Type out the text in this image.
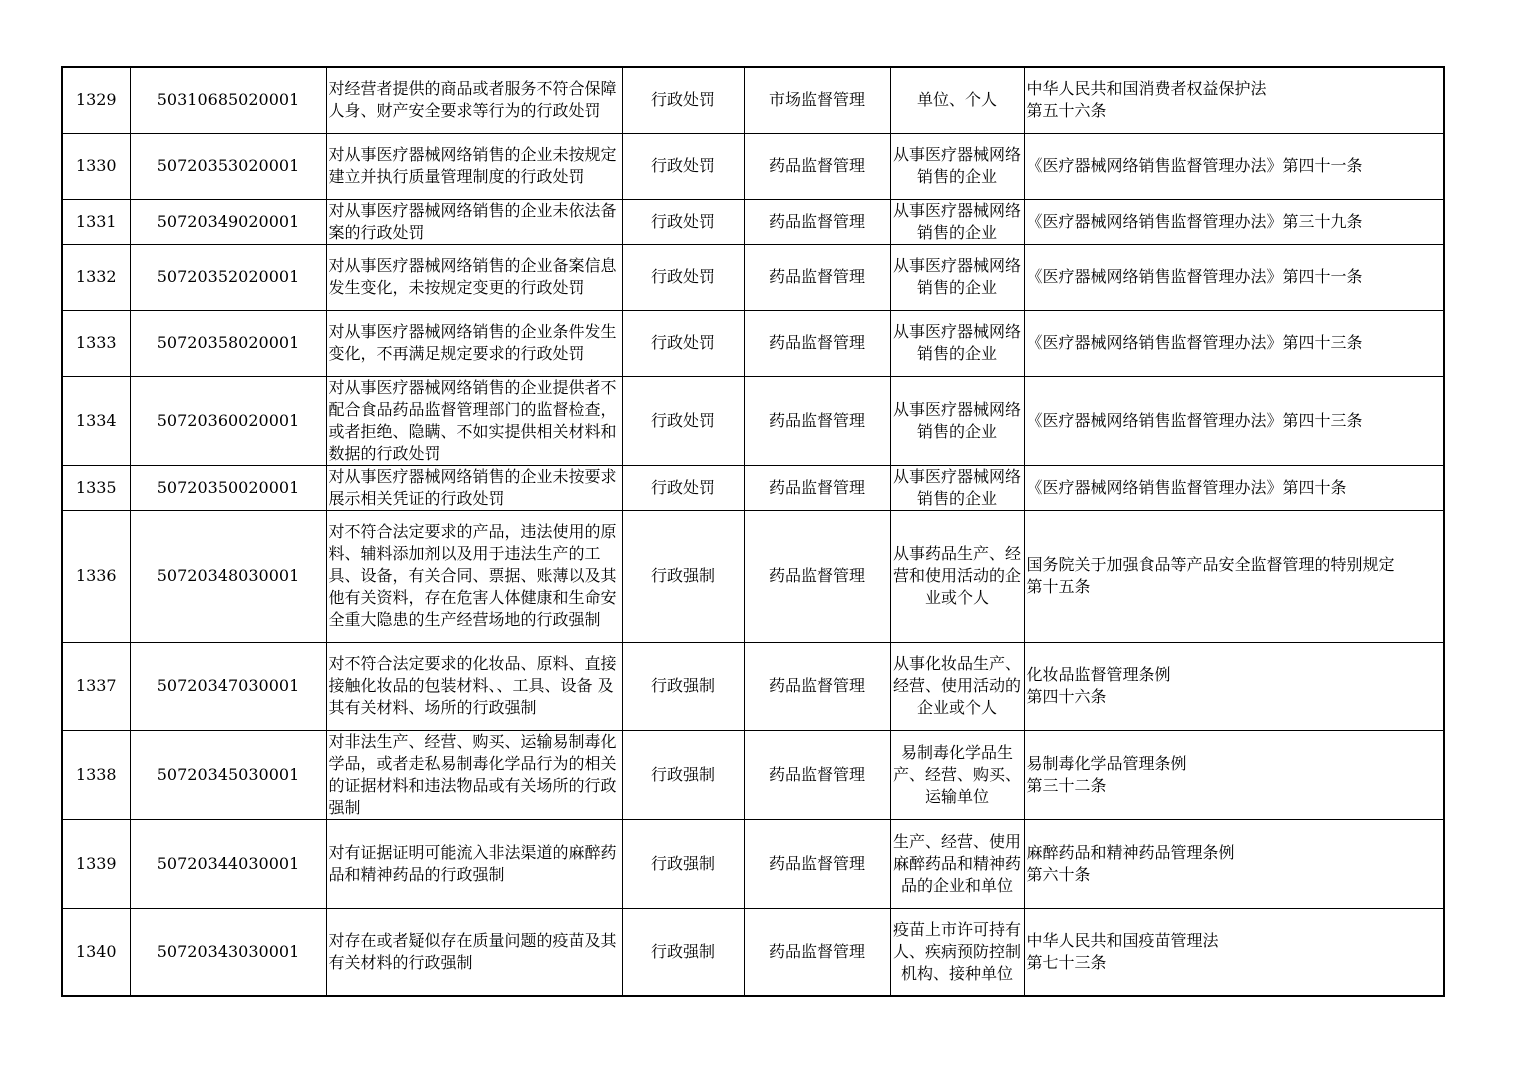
1329	50310685020001	对经营者提供的商品或者服务不符合保障人身、财产安全要求等行为的行政处罚	行政处罚	市场监督管理	单位、个人	中华人民共和国消费者权益保护法
第五十六条
1330	50720353020001	对从事医疗器械网络销售的企业未按规定建立并执行质量管理制度的行政处罚	行政处罚	药品监督管理	从事医疗器械网络销售的企业	《医疗器械网络销售监督管理办法》第四十一条
1331	50720349020001	对从事医疗器械网络销售的企业未依法备案的行政处罚	行政处罚	药品监督管理	从事医疗器械网络销售的企业	《医疗器械网络销售监督管理办法》第三十九条
1332	50720352020001	对从事医疗器械网络销售的企业备案信息发生变化，未按规定变更的行政处罚	行政处罚	药品监督管理	从事医疗器械网络销售的企业	《医疗器械网络销售监督管理办法》第四十一条
1333	50720358020001	对从事医疗器械网络销售的企业条件发生变化，不再满足规定要求的行政处罚	行政处罚	药品监督管理	从事医疗器械网络销售的企业	《医疗器械网络销售监督管理办法》第四十三条
1334	50720360020001	对从事医疗器械网络销售的企业提供者不配合食品药品监督管理部门的监督检查，或者拒绝、隐瞒、不如实提供相关材料和数据的行政处罚	行政处罚	药品监督管理	从事医疗器械网络销售的企业	《医疗器械网络销售监督管理办法》第四十三条
1335	50720350020001	对从事医疗器械网络销售的企业未按要求展示相关凭证的行政处罚	行政处罚	药品监督管理	从事医疗器械网络销售的企业	《医疗器械网络销售监督管理办法》第四十条
1336	50720348030001	对不符合法定要求的产品，违法使用的原料、辅料添加剂以及用于违法生产的工具、设备，有关合同、票据、账薄以及其他有关资料，存在危害人体健康和生命安全重大隐患的生产经营场地的行政强制	行政强制	药品监督管理	从事药品生产、经营和使用活动的企业或个人	国务院关于加强食品等产品安全监督管理的特别规定
第十五条
1337	50720347030001	对不符合法定要求的化妆品、原料、直接接触化妆品的包装材料、、工具、设备 及其有关材料、场所的行政强制	行政强制	药品监督管理	从事化妆品生产、经营、使用活动的企业或个人	化妆品监督管理条例
第四十六条
1338	50720345030001	对非法生产、经营、购买、运输易制毒化学品，或者走私易制毒化学品行为的相关的证据材料和违法物品或有关场所的行政强制	行政强制	药品监督管理	易制毒化学品生产、经营、购买、运输单位	易制毒化学品管理条例
第三十二条
1339	50720344030001	对有证据证明可能流入非法渠道的麻醉药品和精神药品的行政强制	行政强制	药品监督管理	生产、经营、使用麻醉药品和精神药品的企业和单位	麻醉药品和精神药品管理条例
第六十条
1340	50720343030001	对存在或者疑似存在质量问题的疫苗及其有关材料的行政强制	行政强制	药品监督管理	疫苗上市许可持有人、疾病预防控制机构、接种单位	中华人民共和国疫苗管理法
第七十三条
